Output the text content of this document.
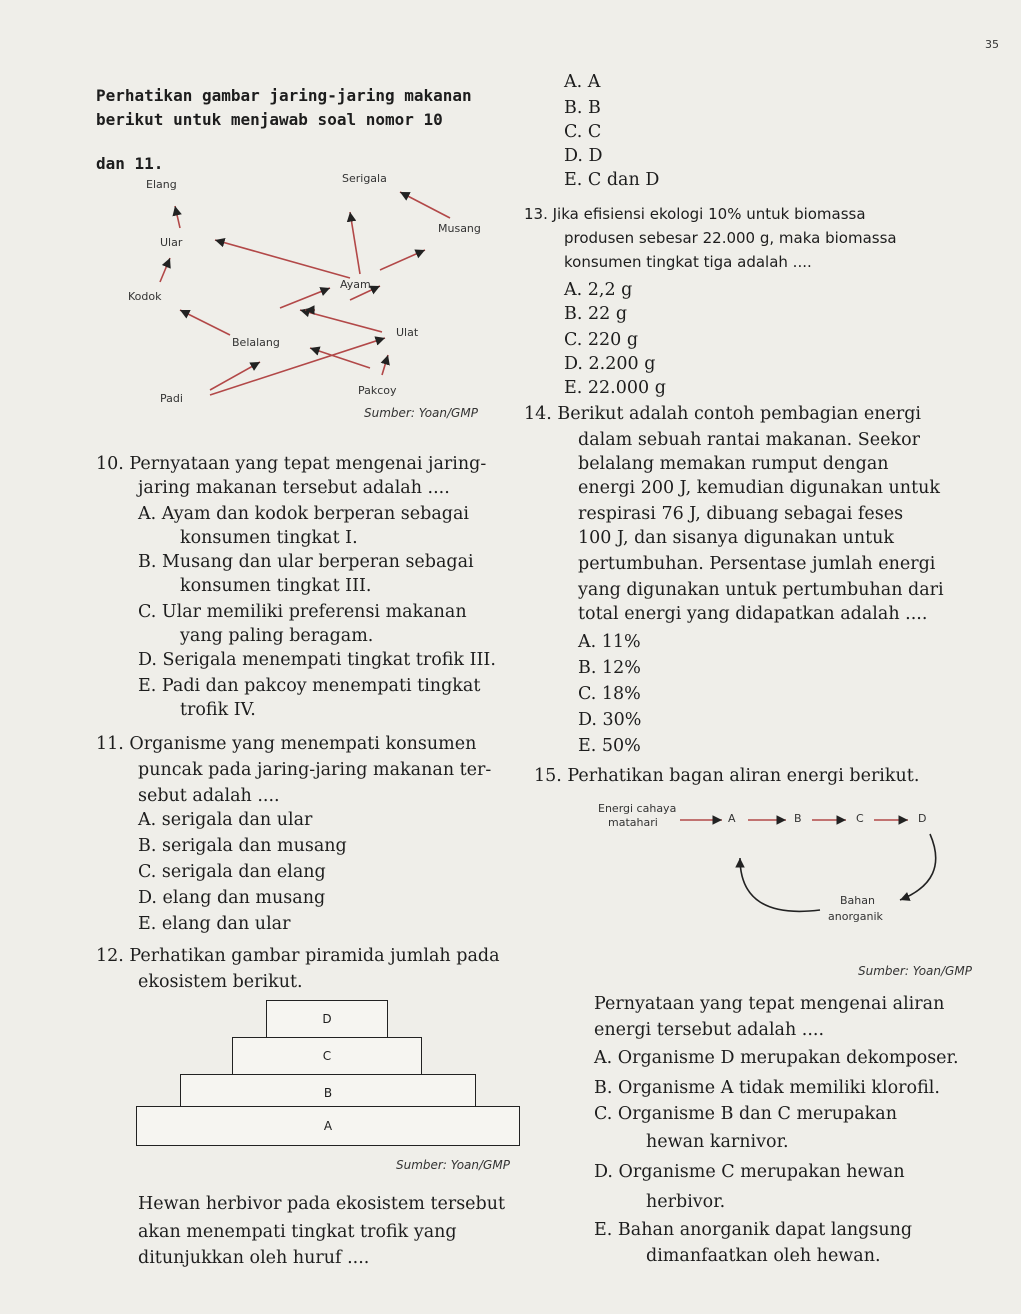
35
Perhatikan gambar jaring-jaring makanan
berikut untuk menjawab soal nomor 10
dan 11.
Elang	Serigala
Musang
Ular
Ayam
Kodok
Belalang
Ulat
Padi
Pakcoy
Sumber: Yoan/GMP
10. Pernyataan yang tepat mengenai jaring-
jaring makanan tersebut adalah ....
A. Ayam dan kodok berperan sebagai
konsumen tingkat I.
B. Musang dan ular berperan sebagai
konsumen tingkat III.
C. Ular memiliki preferensi makanan
yang paling beragam.
D. Serigala menempati tingkat trofik III.
E. Padi dan pakcoy menempati tingkat
trofik IV.
11. Organisme yang menempati konsumen
puncak pada jaring-jaring makanan ter-
sebut adalah ....
A. serigala dan ular
B. serigala dan musang
C. serigala dan elang
D. elang dan musang
E. elang dan ular
12. Perhatikan gambar piramida jumlah pada
ekosistem berikut.
D
C
B
A
Sumber: Yoan/GMP
Hewan herbivor pada ekosistem tersebut
akan menempati tingkat trofik yang
ditunjukkan oleh huruf ....
A. A
B. B
C. C
D. D
E. C dan D
13. Jika efisiensi ekologi 10% untuk biomassa
produsen sebesar 22.000 g, maka biomassa
konsumen tingkat tiga adalah ....
A. 2,2 g
B. 22 g
C. 220 g
D. 2.200 g
E. 22.000 g
14. Berikut adalah contoh pembagian energi
dalam sebuah rantai makanan. Seekor
belalang memakan rumput dengan
energi 200 J, kemudian digunakan untuk
respirasi 76 J, dibuang sebagai feses
100 J, dan sisanya digunakan untuk
pertumbuhan. Persentase jumlah energi
yang digunakan untuk pertumbuhan dari
total energi yang didapatkan adalah ....
A. 11%
B. 12%
C. 18%
D. 30%
E. 50%
15. Perhatikan bagan aliran energi berikut.
Energi cahaya
matahari	A	B	C	D
Bahan
anorganik
Sumber: Yoan/GMP
Pernyataan yang tepat mengenai aliran
energi tersebut adalah ....
A. Organisme D merupakan dekomposer.
B. Organisme A tidak memiliki klorofil.
C. Organisme B dan C merupakan
hewan karnivor.
D. Organisme C merupakan hewan
herbivor.
E. Bahan anorganik dapat langsung
dimanfaatkan oleh hewan.
